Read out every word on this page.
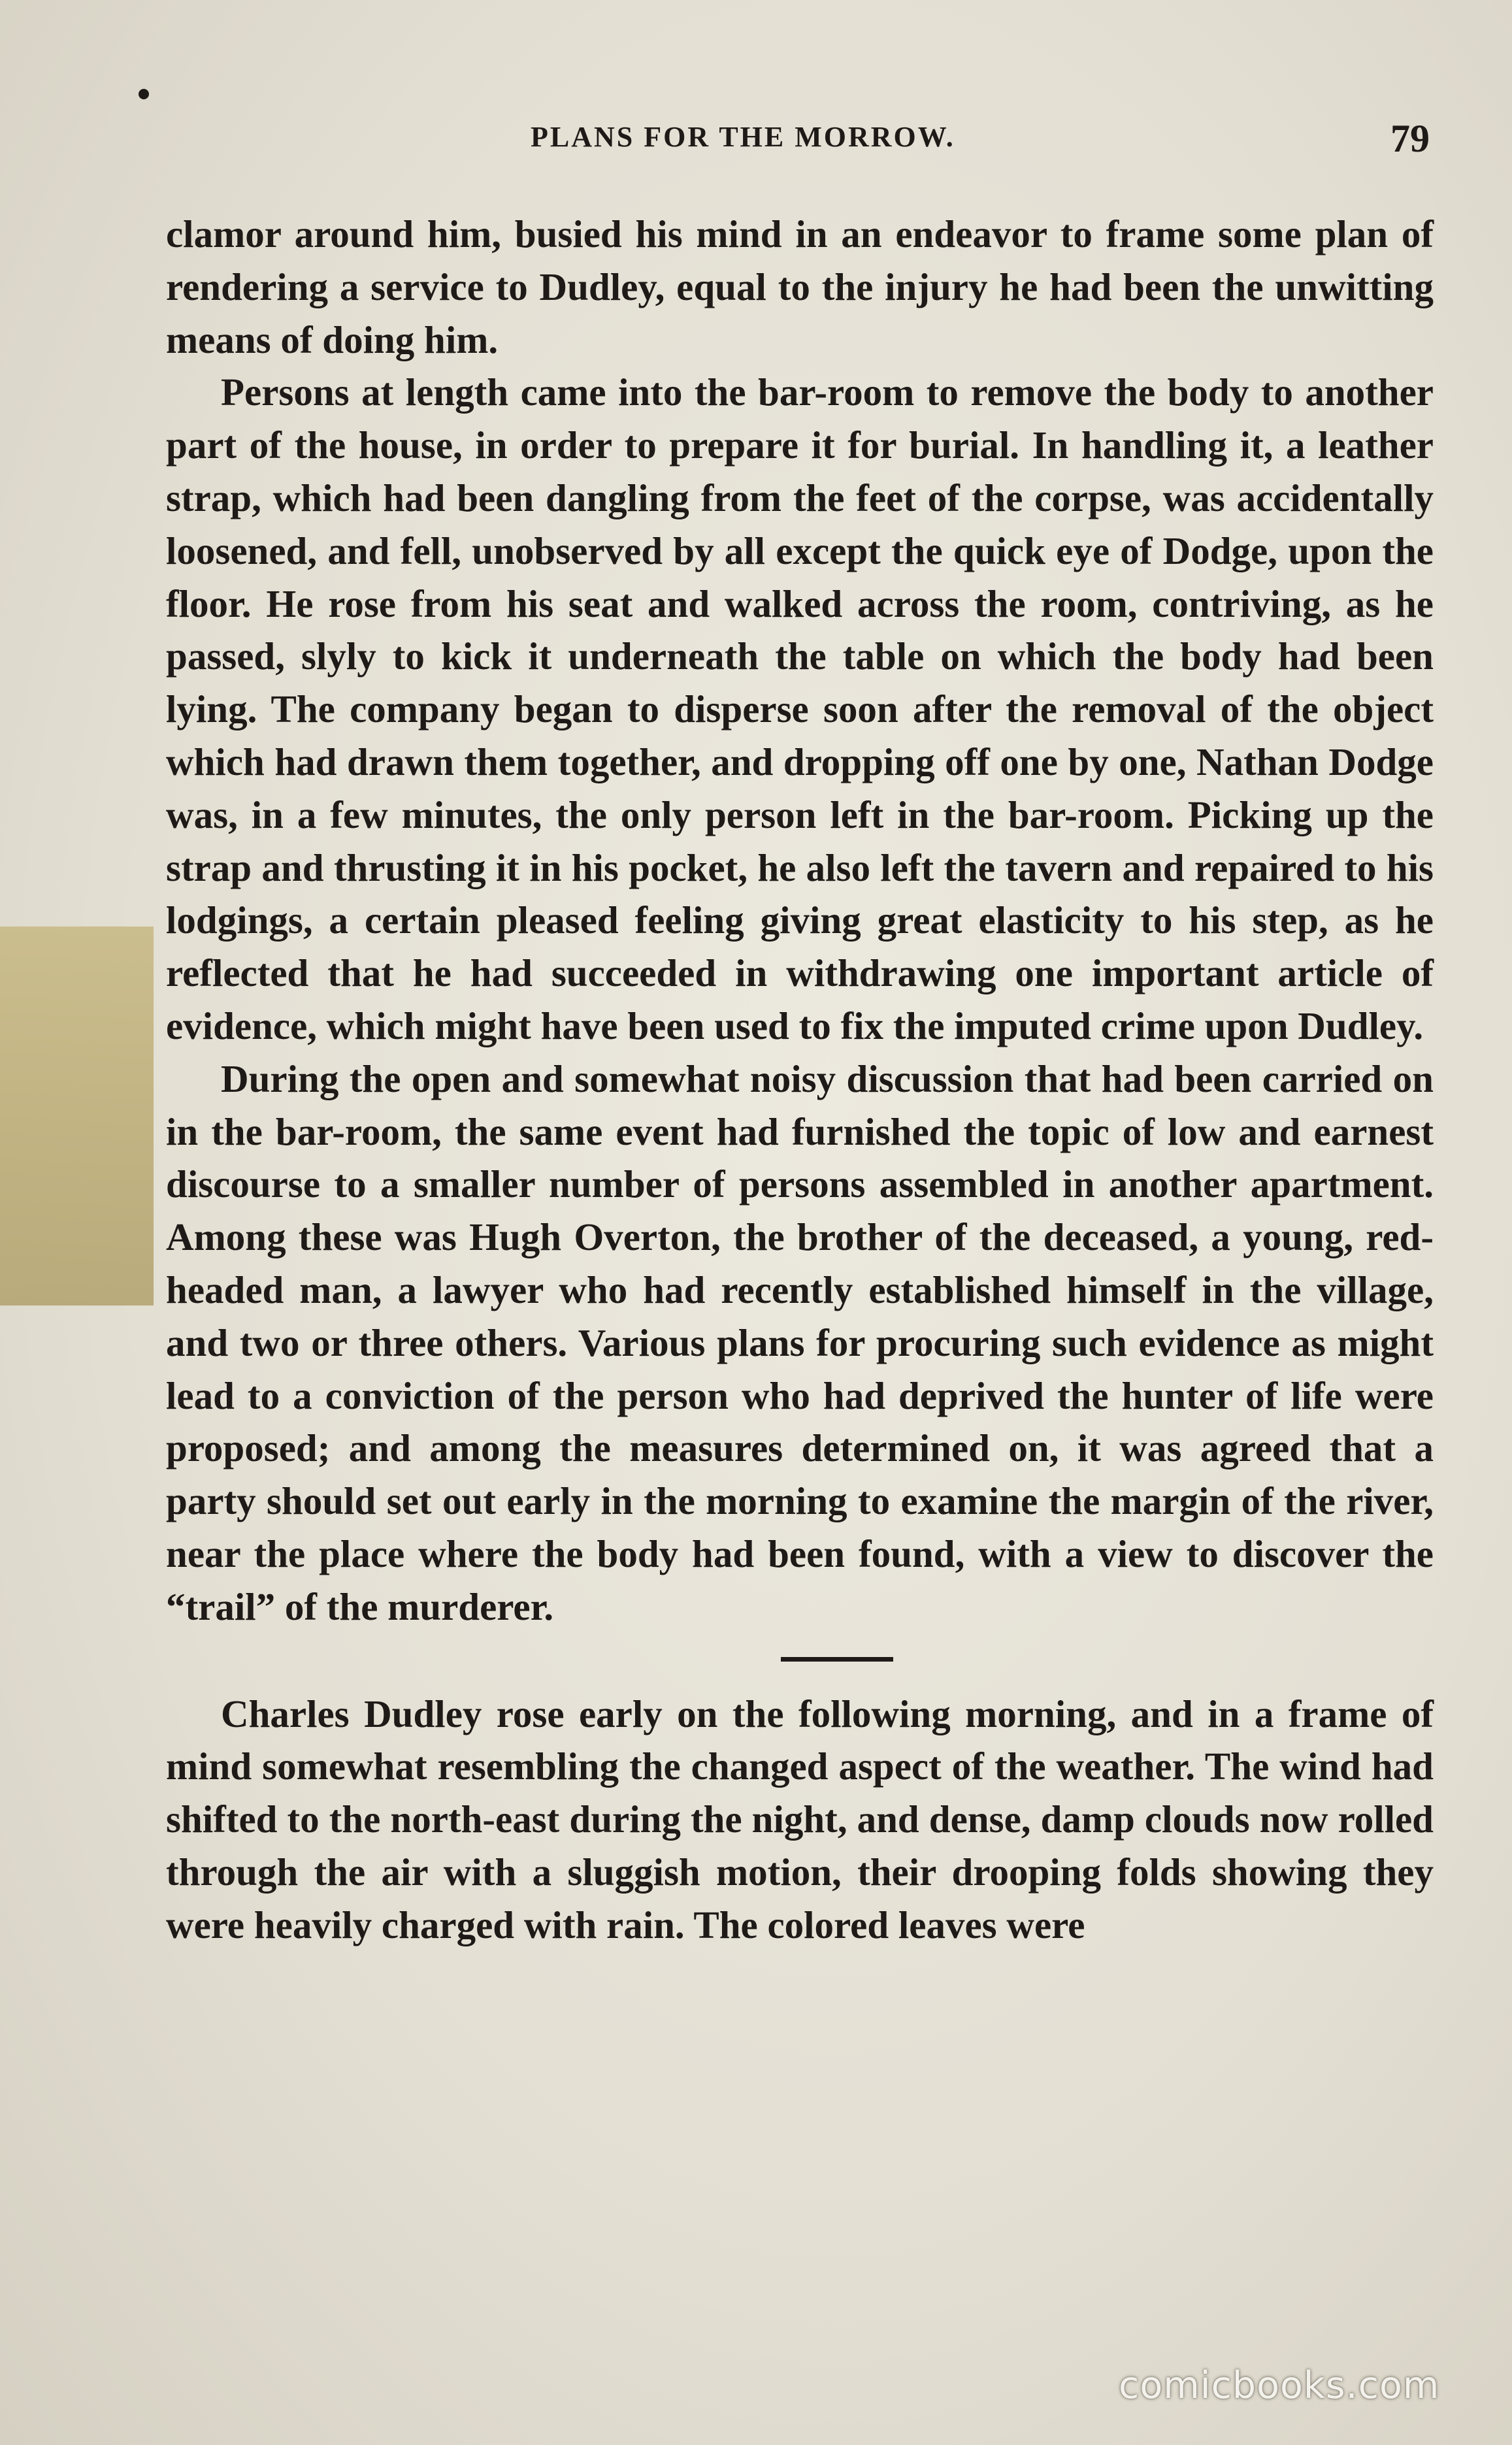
PLANS FOR THE MORROW.	79

clamor around him, busied his mind in an endeavor to frame some plan of rendering a service to Dudley, equal to the injury he had been the unwitting means of doing him.

Persons at length came into the bar-room to remove the body to another part of the house, in order to prepare it for burial. In handling it, a leather strap, which had been dangling from the feet of the corpse, was accidentally loosened, and fell, unobserved by all except the quick eye of Dodge, upon the floor. He rose from his seat and walked across the room, contriving, as he passed, slyly to kick it underneath the table on which the body had been lying. The company began to disperse soon after the removal of the object which had drawn them together, and dropping off one by one, Nathan Dodge was, in a few minutes, the only person left in the bar-room. Picking up the strap and thrusting it in his pocket, he also left the tavern and repaired to his lodgings, a certain pleased feeling giving great elasticity to his step, as he reflected that he had succeeded in withdrawing one important article of evidence, which might have been used to fix the imputed crime upon Dudley.

During the open and somewhat noisy discussion that had been carried on in the bar-room, the same event had furnished the topic of low and earnest discourse to a smaller number of persons assembled in another apartment. Among these was Hugh Overton, the brother of the deceased, a young, red-headed man, a lawyer who had recently established himself in the village, and two or three others. Various plans for procuring such evidence as might lead to a conviction of the person who had deprived the hunter of life were proposed; and among the measures determined on, it was agreed that a party should set out early in the morning to examine the margin of the river, near the place where the body had been found, with a view to discover the “trail” of the murderer.

Charles Dudley rose early on the following morning, and in a frame of mind somewhat resembling the changed aspect of the weather. The wind had shifted to the north-east during the night, and dense, damp clouds now rolled through the air with a sluggish motion, their drooping folds showing they were heavily charged with rain. The colored leaves were

comicbooks.com
